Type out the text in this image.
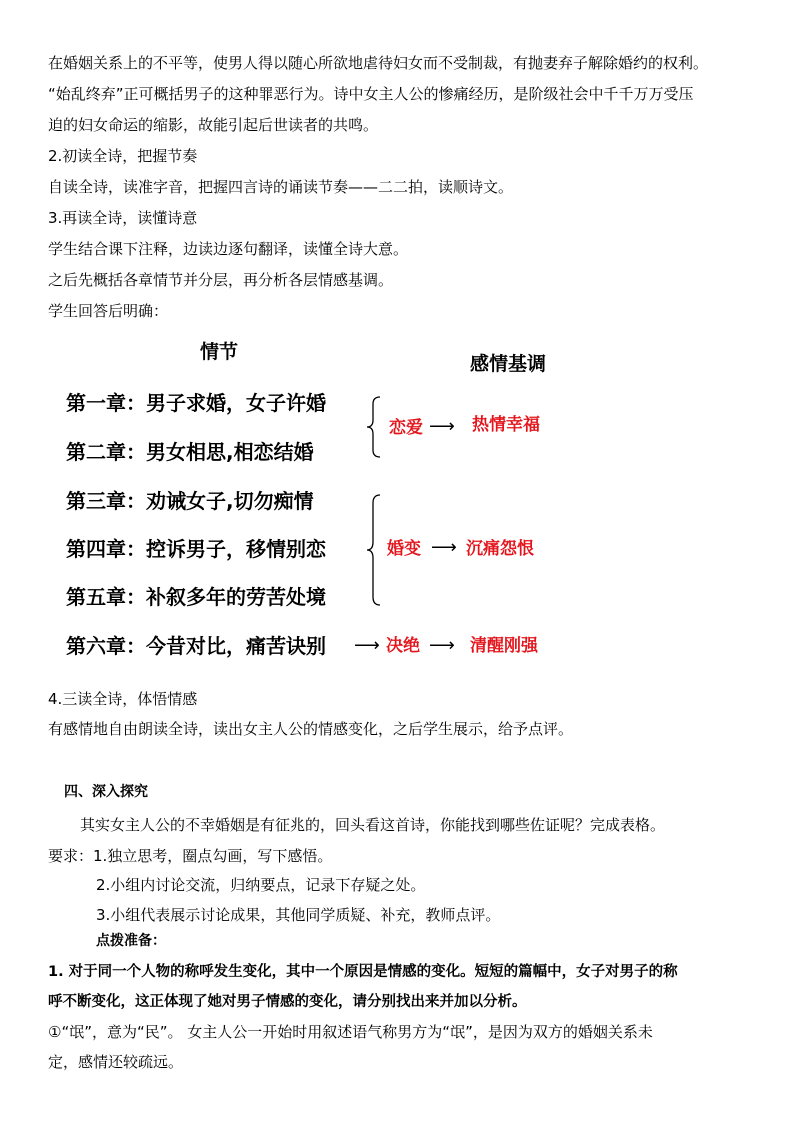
在婚姻关系上的不平等，使男人得以随心所欲地虐待妇女而不受制裁，有抛妻弃子解除婚约的权利。
“始乱终弃”正可概括男子的这种罪恶行为。诗中女主人公的惨痛经历，是阶级社会中千千万万受压
迫的妇女命运的缩影，故能引起后世读者的共鸣。
2.初读全诗，把握节奏
自读全诗，读准字音，把握四言诗的诵读节奏——二二拍，读顺诗文。
3.再读全诗，读懂诗意
学生结合课下注释，边读边逐句翻译，读懂全诗大意。
之后先概括各章情节并分层，再分析各层情感基调。
学生回答后明确：
情节
感情基调
第一章：男子求婚，女子许婚
第二章：男女相思,相恋结婚
第三章：劝诫女子,切勿痴情
第四章：控诉男子，移情别恋
第五章：补叙多年的劳苦处境
第六章：今昔对比，痛苦诀别
恋爱 ⟶ 热情幸福
婚变 ⟶ 沉痛怨恨
⟶ 决绝 ⟶ 清醒刚强
4.三读全诗，体悟情感
有感情地自由朗读全诗，读出女主人公的情感变化，之后学生展示，给予点评。
四、深入探究
其实女主人公的不幸婚姻是有征兆的，回头看这首诗，你能找到哪些佐证呢？完成表格。
要求：1.独立思考，圈点勾画，写下感悟。
2.小组内讨论交流，归纳要点，记录下存疑之处。
3.小组代表展示讨论成果，其他同学质疑、补充，教师点评。
点拨准备：
1. 对于同一个人物的称呼发生变化，其中一个原因是情感的变化。短短的篇幅中，女子对男子的称
呼不断变化，这正体现了她对男子情感的变化，请分别找出来并加以分析。
①“氓”，意为“民”。 女主人公一开始时用叙述语气称男方为“氓”，是因为双方的婚姻关系未
定，感情还较疏远。
